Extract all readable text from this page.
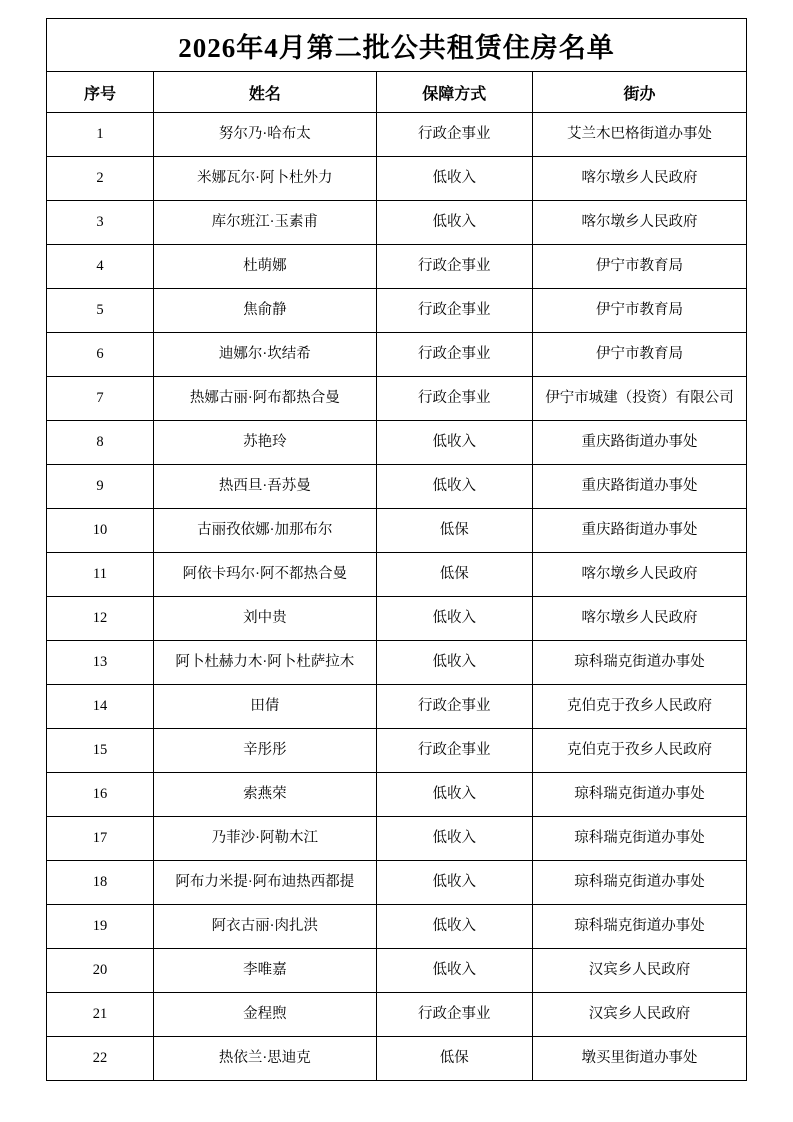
2026年4月第二批公共租赁住房名单			
序号	姓名	保障方式	街办
1	努尔乃·哈布太	行政企事业	艾兰木巴格街道办事处
2	米娜瓦尔·阿卜杜外力	低收入	喀尔墩乡人民政府
3	库尔班江·玉素甫	低收入	喀尔墩乡人民政府
4	杜萌娜	行政企事业	伊宁市教育局
5	焦俞静	行政企事业	伊宁市教育局
6	迪娜尔·坎结希	行政企事业	伊宁市教育局
7	热娜古丽·阿布都热合曼	行政企事业	伊宁市城建（投资）有限公司
8	苏艳玲	低收入	重庆路街道办事处
9	热西旦·吾苏曼	低收入	重庆路街道办事处
10	古丽孜依娜·加那布尔	低保	重庆路街道办事处
11	阿依卡玛尔·阿不都热合曼	低保	喀尔墩乡人民政府
12	刘中贵	低收入	喀尔墩乡人民政府
13	阿卜杜赫力木·阿卜杜萨拉木	低收入	琼科瑞克街道办事处
14	田倩	行政企事业	克伯克于孜乡人民政府
15	辛彤彤	行政企事业	克伯克于孜乡人民政府
16	索燕荣	低收入	琼科瑞克街道办事处
17	乃菲沙·阿勒木江	低收入	琼科瑞克街道办事处
18	阿布力米提·阿布迪热西都提	低收入	琼科瑞克街道办事处
19	阿衣古丽·肉扎洪	低收入	琼科瑞克街道办事处
20	李唯嘉	低收入	汉宾乡人民政府
21	金程煦	行政企事业	汉宾乡人民政府
22	热依兰·思迪克	低保	墩买里街道办事处
